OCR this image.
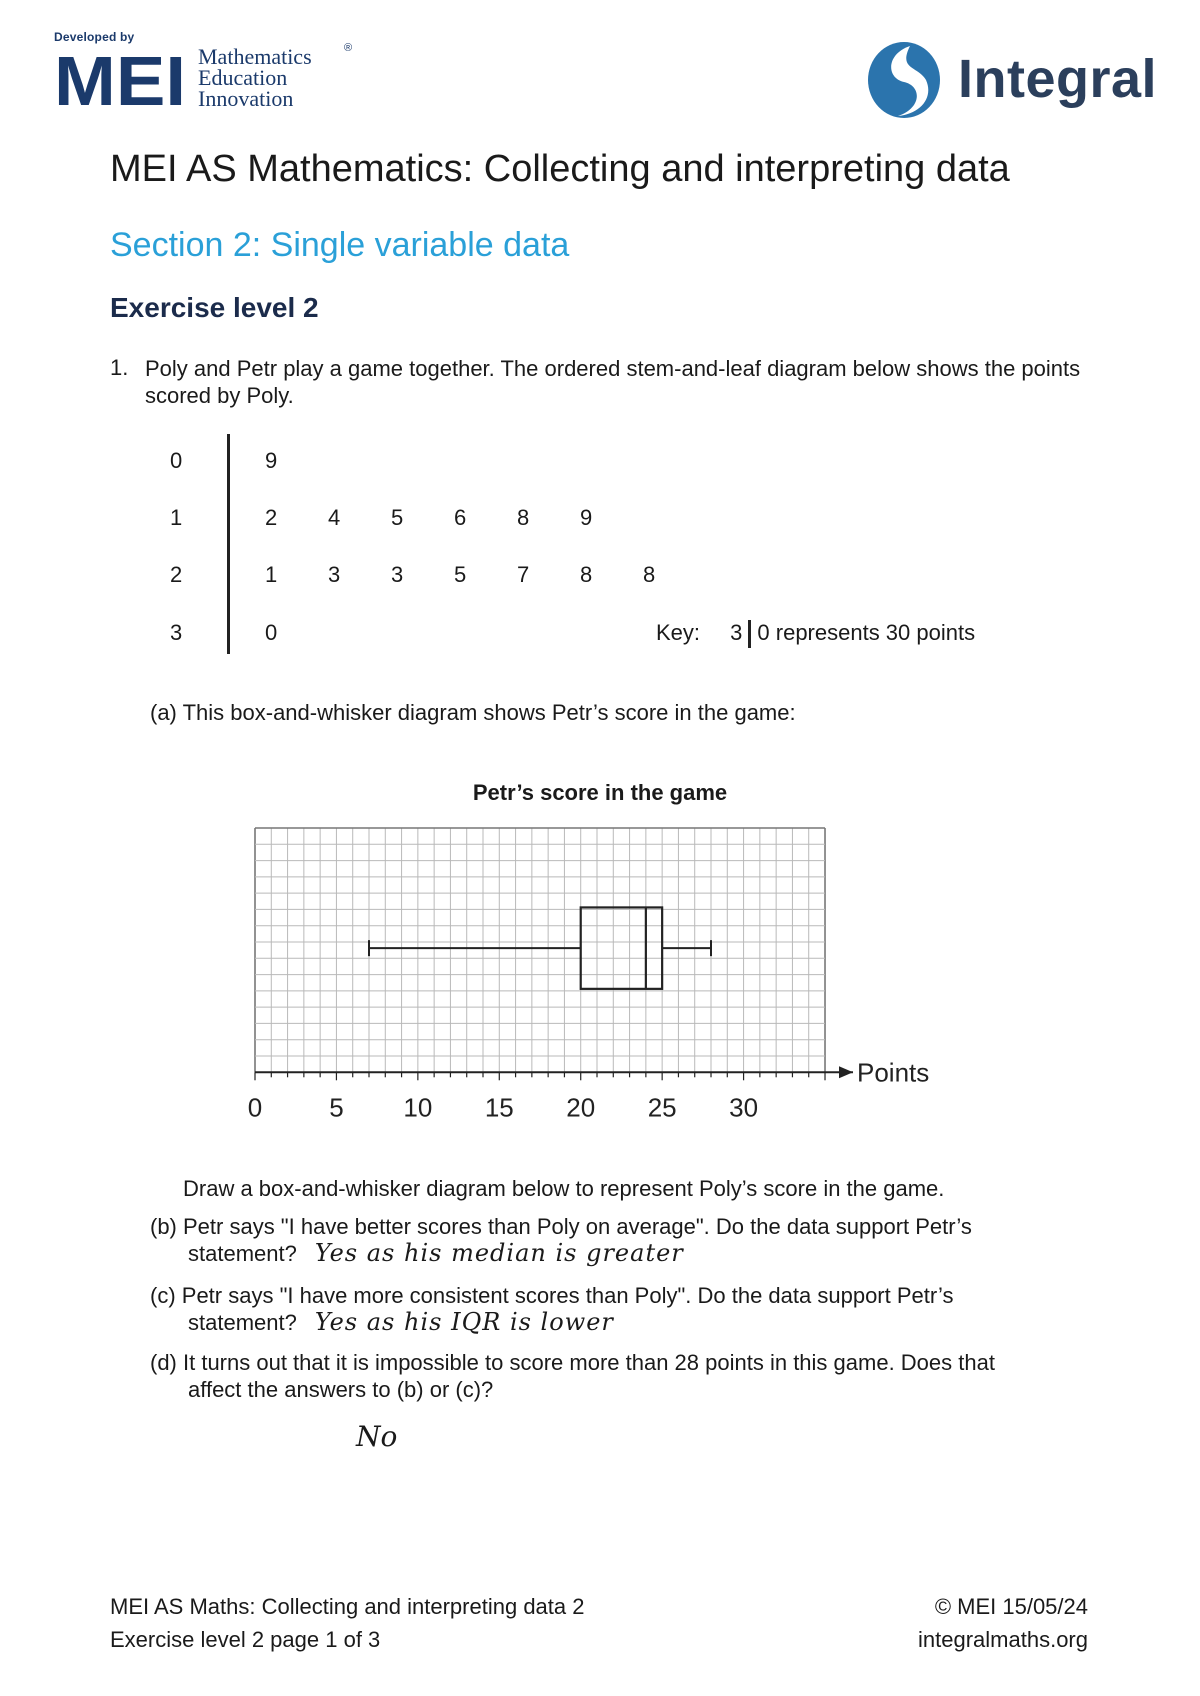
Developed by
MEI Mathematics
Education
Innovation
®
Integral
MEI AS Mathematics: Collecting and interpreting data
Section 2: Single variable data
Exercise level 2
1. Poly and Petr play a game together. The ordered stem-and-leaf diagram below shows the points scored by Poly.
0	9
1	2 4 5 6 8 9
2	1 3 3 5 7 8 8
3	0	Key: 3 0 represents 30 points
(a) This box-and-whisker diagram shows Petr’s score in the game:
Petr’s score in the game
Points
0	5 10 15 20 25 30
Draw a box-and-whisker diagram below to represent Poly’s score in the game.
(b) Petr says "I have better scores than Poly on average". Do the data support Petr’s
statement? Yes as his median is greater
(c) Petr says "I have more consistent scores than Poly". Do the data support Petr’s
statement? Yes as his IQR is lower
(d) It turns out that it is impossible to score more than 28 points in this game. Does that
affect the answers to (b) or (c)?
No
MEI AS Maths: Collecting and interpreting data 2
Exercise level 2 page 1 of 3
© MEI 15/05/24
integralmaths.org
